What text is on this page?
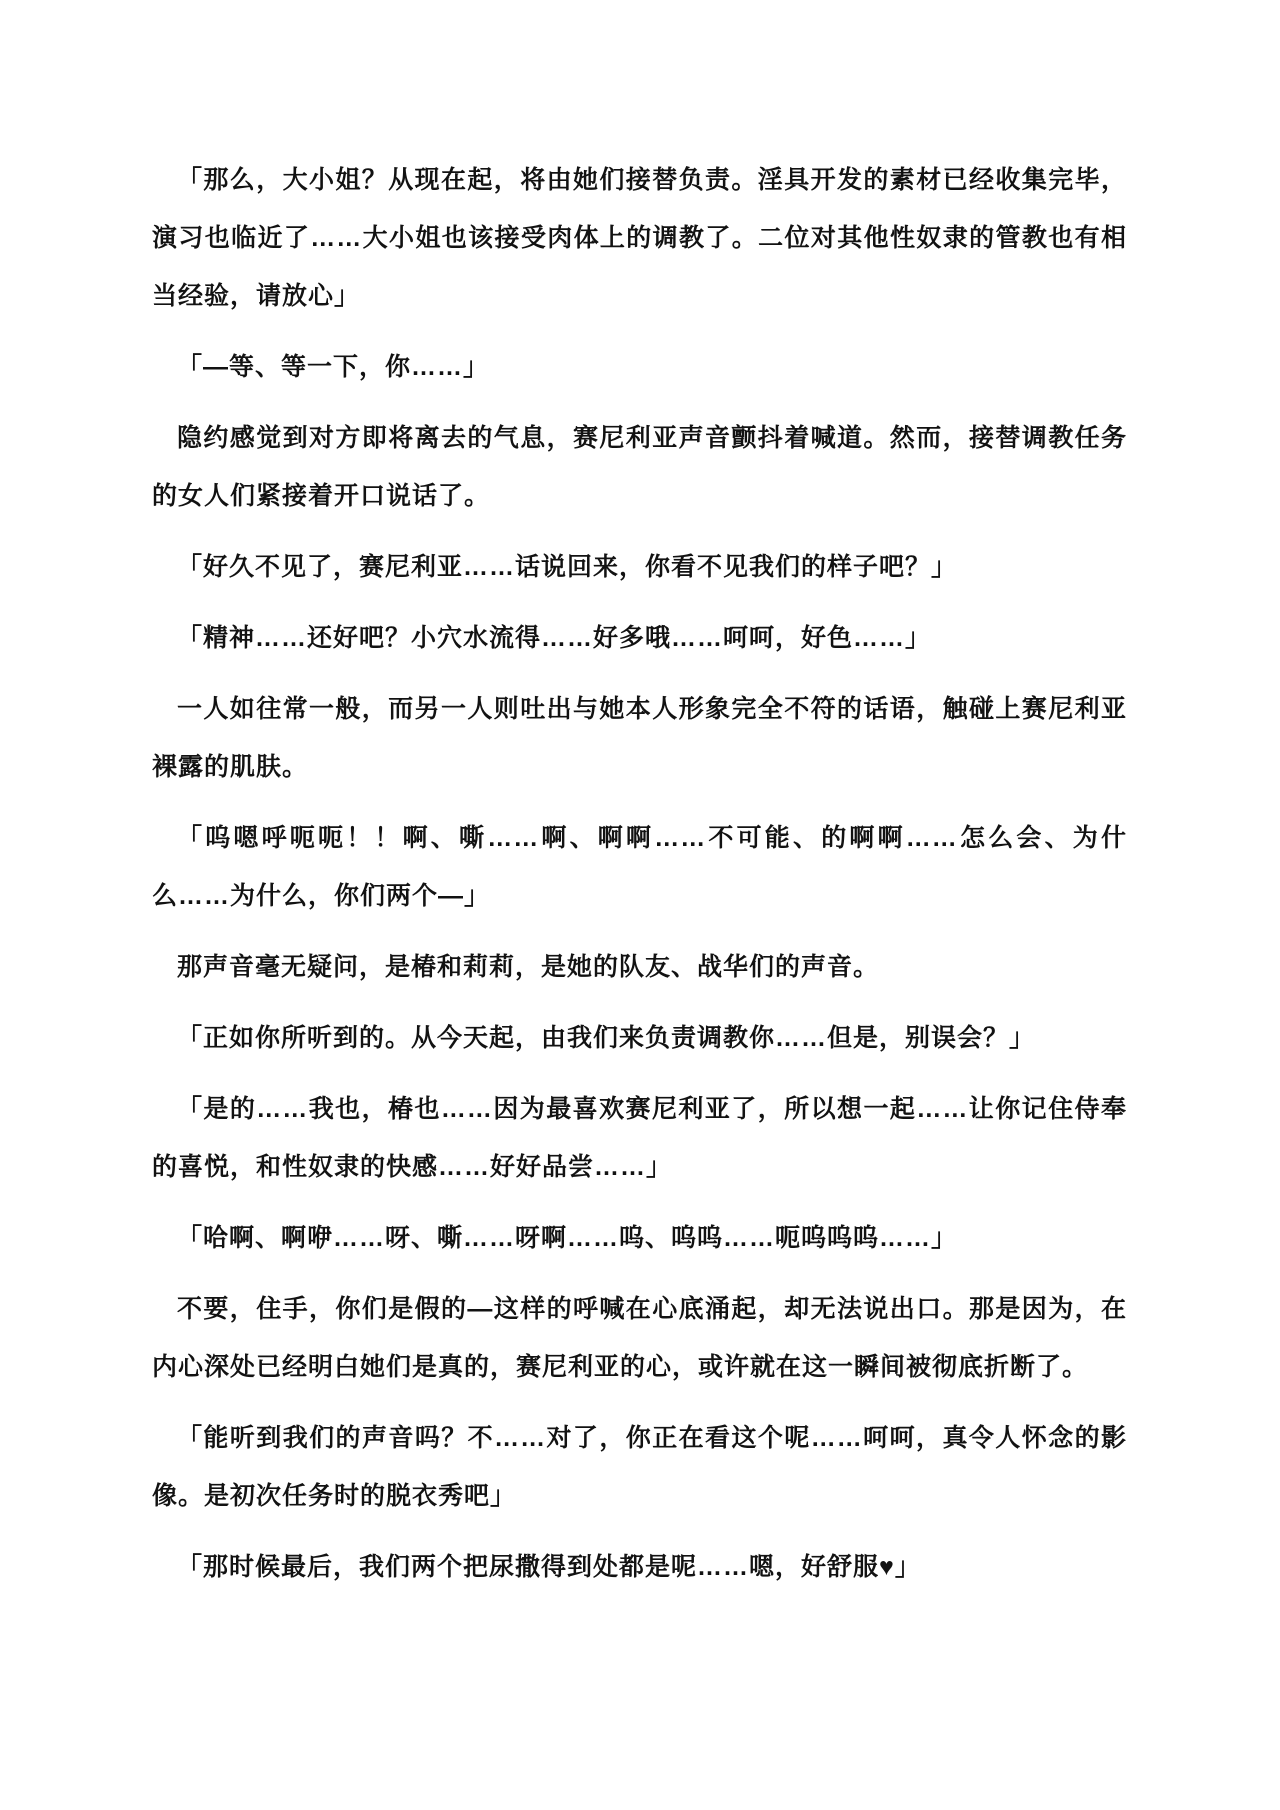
「那么，大小姐？从现在起，将由她们接替负责。淫具开发的素材已经收集完毕，演习也临近了……大小姐也该接受肉体上的调教了。二位对其他性奴隶的管教也有相当经验，请放心」

「—等、等一下，你……」

隐约感觉到对方即将离去的气息，赛尼利亚声音颤抖着喊道。然而，接替调教任务的女人们紧接着开口说话了。

「好久不见了，赛尼利亚……话说回来，你看不见我们的样子吧？」

「精神……还好吧？小穴水流得……好多哦……呵呵，好色……」

一人如往常一般，而另一人则吐出与她本人形象完全不符的话语，触碰上赛尼利亚裸露的肌肤。

「呜嗯呼呃呃！！啊、嘶……啊、啊啊……不可能、的啊啊……怎么会、为什么……为什么，你们两个—」

那声音毫无疑问，是椿和莉莉，是她的队友、战华们的声音。

「正如你所听到的。从今天起，由我们来负责调教你……但是，别误会？」

「是的……我也，椿也……因为最喜欢赛尼利亚了，所以想一起……让你记住侍奉的喜悦，和性奴隶的快感……好好品尝……」

「哈啊、啊咿……呀、嘶……呀啊……呜、呜呜……呃呜呜呜……」

不要，住手，你们是假的—这样的呼喊在心底涌起，却无法说出口。那是因为，在内心深处已经明白她们是真的，赛尼利亚的心，或许就在这一瞬间被彻底折断了。

「能听到我们的声音吗？不……对了，你正在看这个呢……呵呵，真令人怀念的影像。是初次任务时的脱衣秀吧」

「那时候最后，我们两个把尿撒得到处都是呢……嗯，好舒服♥」
